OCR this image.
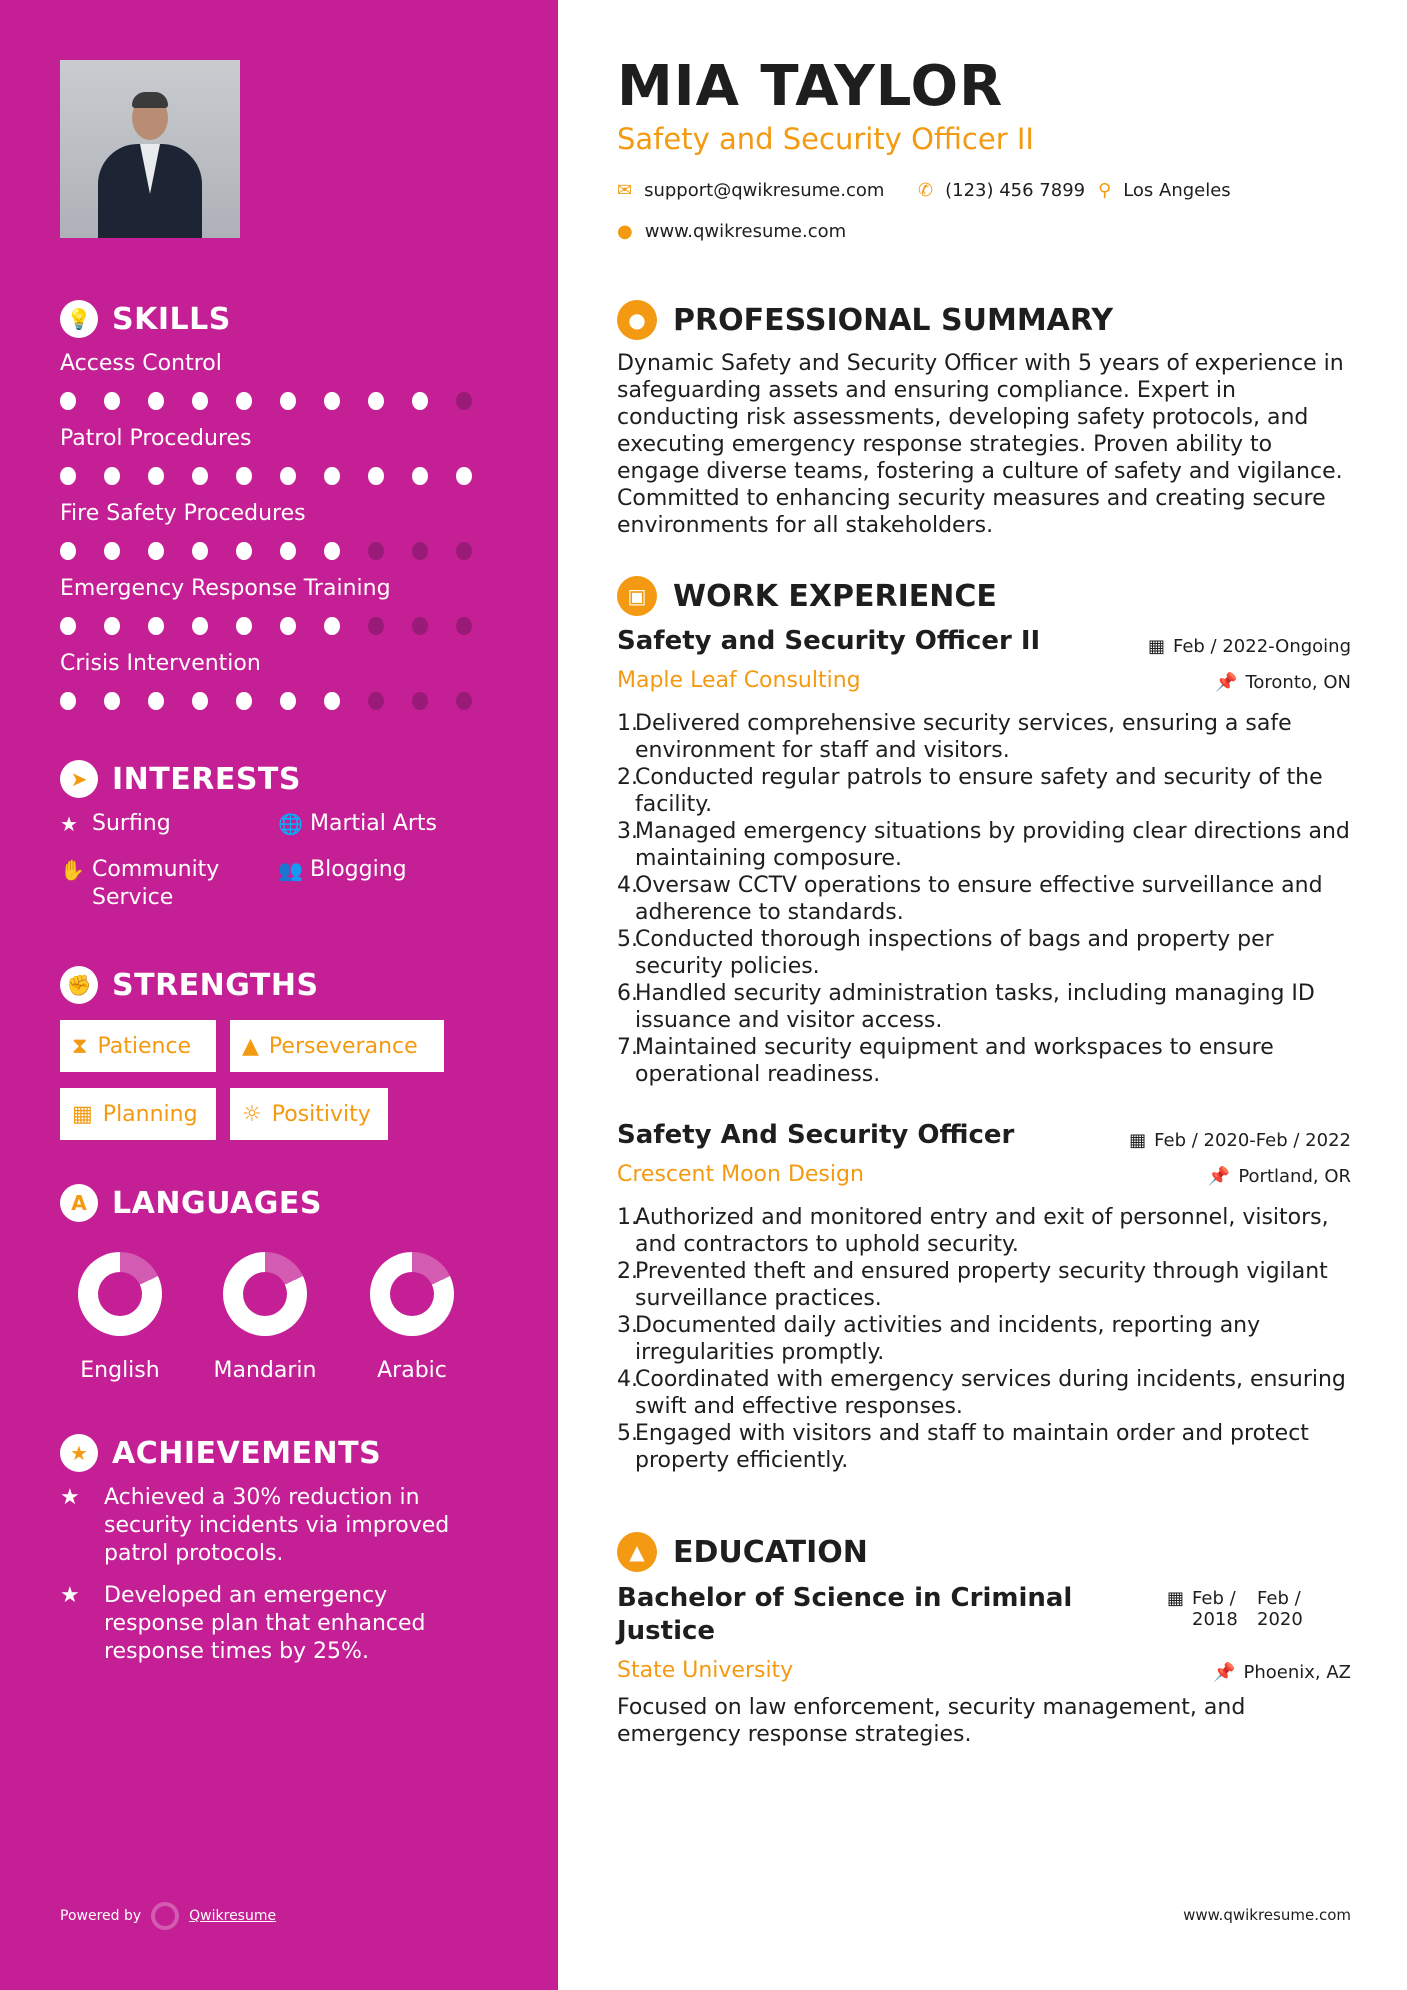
💡 SKILLS
Access Control
Patrol Procedures
Fire Safety Procedures
Emergency Response Training
Crisis Intervention
➤ INTERESTS
★ Surfing	🌐 Martial Arts
✋ Community Service
👥 Blogging
✊ STRENGTHS
⧗ Patience ▲ Perseverance
▦ Planning ☼ Positivity
A LANGUAGES
English	Mandarin	Arabic
★ ACHIEVEMENTS
★	Achieved a 30% reduction in security incidents via improved patrol protocols.
★	Developed an emergency response plan that enhanced response times by 25%.
Powered by	Qwikresume
MIA TAYLOR
Safety and Security Officer II
✉ support@qwikresume.com ✆ (123) 456 7899 ⚲ Los Angeles
● www.qwikresume.com
● PROFESSIONAL SUMMARY
Dynamic Safety and Security Officer with 5 years of experience in safeguarding assets and ensuring compliance. Expert in conducting risk assessments, developing safety protocols, and executing emergency response strategies. Proven ability to engage diverse teams, fostering a culture of safety and vigilance. Committed to enhancing security measures and creating secure environments for all stakeholders.
▣ WORK EXPERIENCE
Safety and Security Officer II	▦ Feb / 2022-Ongoing
Maple Leaf Consulting	📌 Toronto, ON
1.
Delivered comprehensive security services, ensuring a safe environment for staff and visitors.
2.
Conducted regular patrols to ensure safety and security of the facility.
3.
Managed emergency situations by providing clear directions and maintaining composure.
4.
Oversaw CCTV operations to ensure effective surveillance and adherence to standards.
5.
Conducted thorough inspections of bags and property per security policies.
6.
Handled security administration tasks, including managing ID issuance and visitor access.
7.
Maintained security equipment and workspaces to ensure operational readiness.
Safety And Security Officer	▦ Feb / 2020-Feb / 2022
Crescent Moon Design	📌 Portland, OR
1.
Authorized and monitored entry and exit of personnel, visitors, and contractors to uphold security.
2.
Prevented theft and ensured property security through vigilant surveillance practices.
3.
Documented daily activities and incidents, reporting any irregularities promptly.
4.
Coordinated with emergency services during incidents, ensuring swift and effective responses.
5.
Engaged with visitors and staff to maintain order and protect property efficiently.
▲ EDUCATION
Bachelor of Science in Criminal Justice
▦ Feb / 2018
Feb / 2020
State University	📌 Phoenix, AZ
Focused on law enforcement, security management, and emergency response strategies.
www.qwikresume.com
